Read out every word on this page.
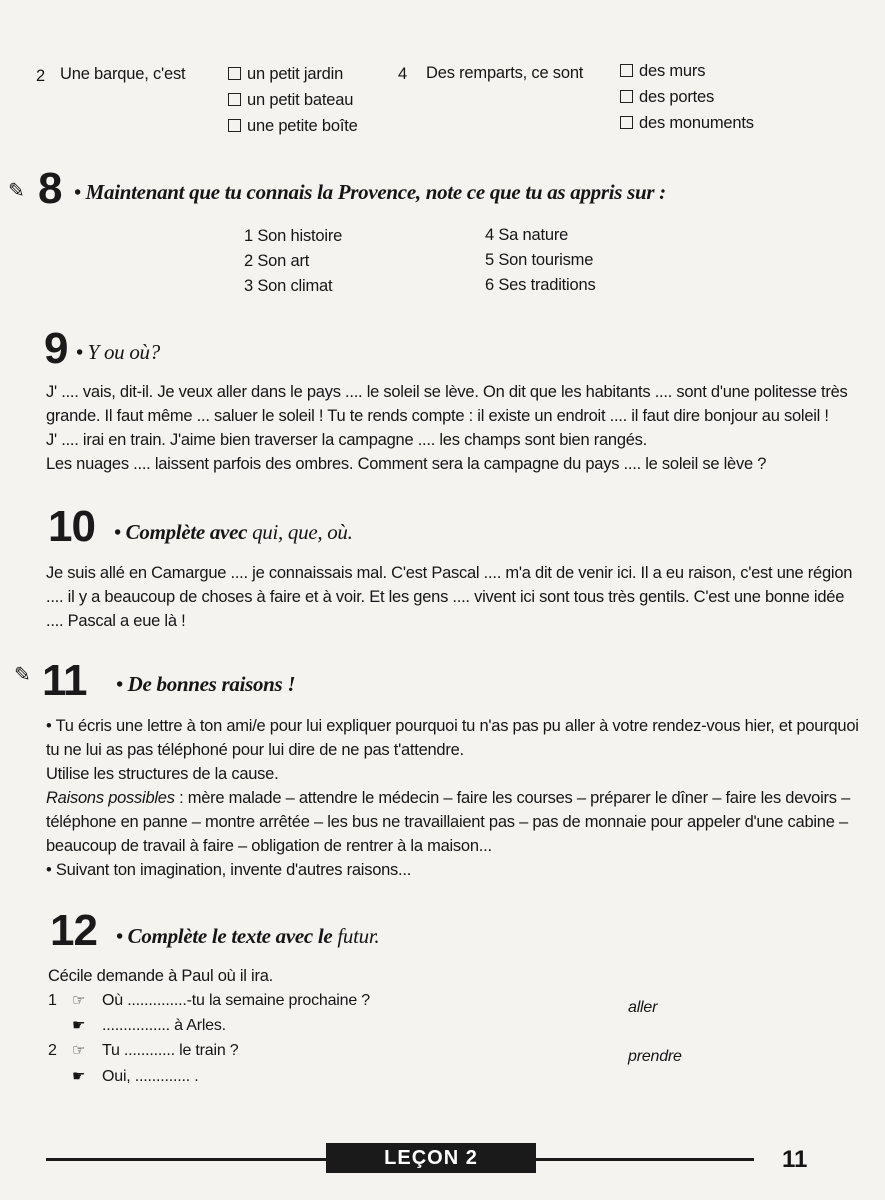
2 Une barque, c'est	un petit jardin
un petit bateau
une petite boîte
4 Des remparts, ce sont	des murs
des portes
des monuments
✎ 8 • Maintenant que tu connais la Provence, note ce que tu as appris sur :
1 Son histoire
2 Son art
3 Son climat
4 Sa nature
5 Son tourisme
6 Ses traditions
9 • Y ou où?
J' .... vais, dit-il. Je veux aller dans le pays .... le soleil se lève. On dit que les habitants .... sont d'une politesse très
grande. Il faut même ... saluer le soleil ! Tu te rends compte : il existe un endroit .... il faut dire bonjour au soleil !
J' .... irai en train. J'aime bien traverser la campagne .... les champs sont bien rangés.
Les nuages .... laissent parfois des ombres. Comment sera la campagne du pays .... le soleil se lève ?
10 • Complète avec qui, que, où.
Je suis allé en Camargue .... je connaissais mal. C'est Pascal .... m'a dit de venir ici. Il a eu raison, c'est une région
.... il y a beaucoup de choses à faire et à voir. Et les gens .... vivent ici sont tous très gentils. C'est une bonne idée
.... Pascal a eue là !
✎ 11 • De bonnes raisons !
• Tu écris une lettre à ton ami/e pour lui expliquer pourquoi tu n'as pas pu aller à votre rendez-vous hier, et pourquoi
tu ne lui as pas téléphoné pour lui dire de ne pas t'attendre.
Utilise les structures de la cause.
Raisons possibles : mère malade – attendre le médecin – faire les courses – préparer le dîner – faire les devoirs –
téléphone en panne – montre arrêtée – les bus ne travaillaient pas – pas de monnaie pour appeler d'une cabine –
beaucoup de travail à faire – obligation de rentrer à la maison...
• Suivant ton imagination, invente d'autres raisons...
12 • Complète le texte avec le futur.
Cécile demande à Paul où il ira.
1 ☞ Où ..............-tu la semaine prochaine ?	aller
☛ ................ à Arles.
2 ☞ Tu ............ le train ?	prendre
☛ Oui, ............. .
LEÇON 2	11
